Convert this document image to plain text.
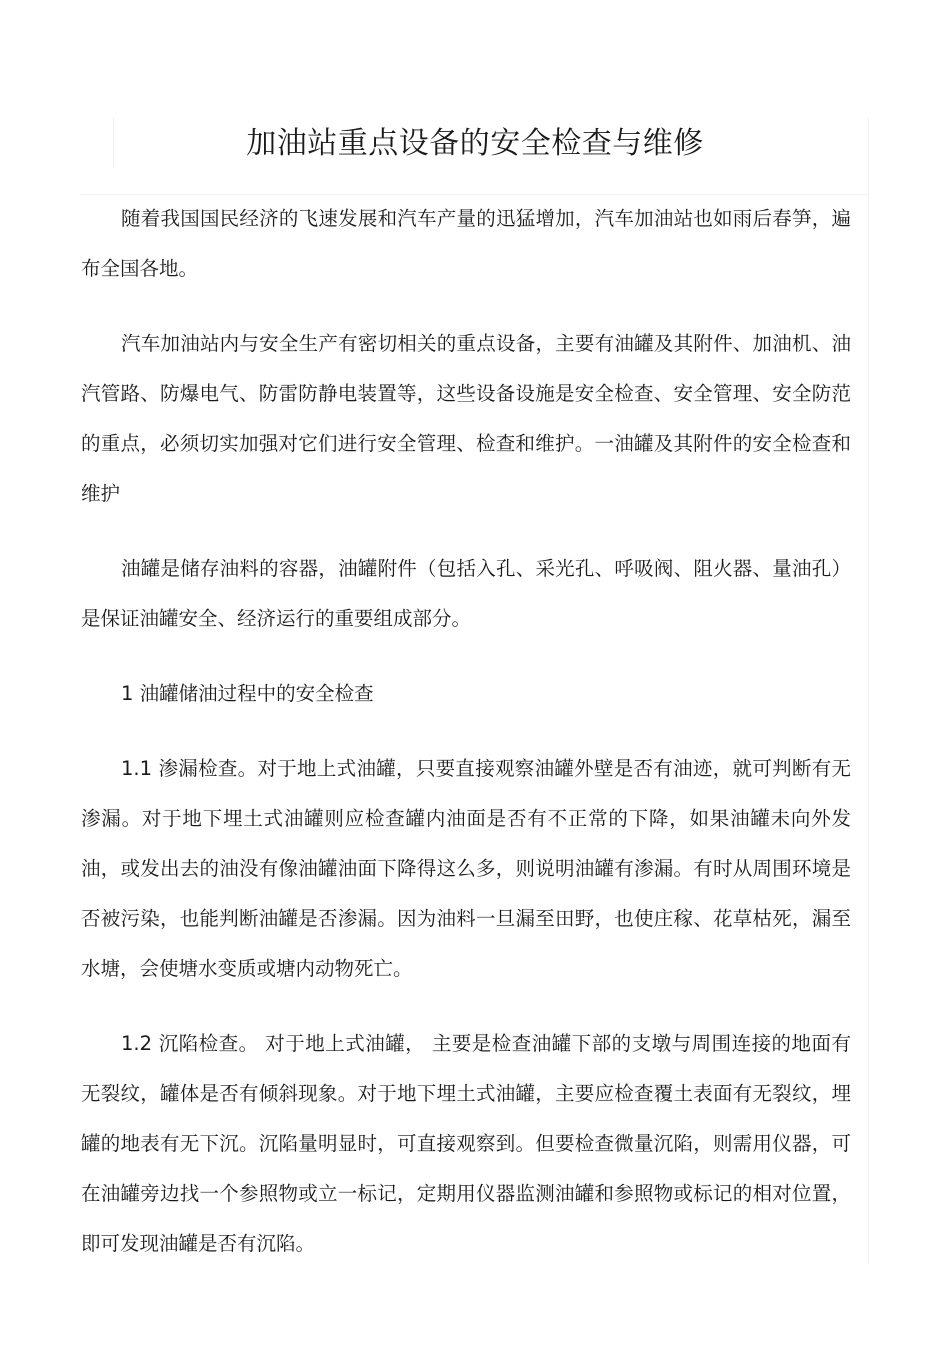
加油站重点设备的安全检查与维修

随着我国国民经济的飞速发展和汽车产量的迅猛增加，汽车加油站也如雨后春笋，遍布全国各地。

汽车加油站内与安全生产有密切相关的重点设备，主要有油罐及其附件、加油机、油汽管路、防爆电气、防雷防静电装置等，这些设备设施是安全检查、安全管理、安全防范的重点，必须切实加强对它们进行安全管理、检查和维护。一油罐及其附件的安全检查和维护

油罐是储存油料的容器，油罐附件（包括入孔、采光孔、呼吸阀、阻火器、量油孔）是保证油罐安全、经济运行的重要组成部分。

1 油罐储油过程中的安全检查

1.1 渗漏检查。对于地上式油罐，只要直接观察油罐外壁是否有油迹，就可判断有无渗漏。对于地下埋土式油罐则应检查罐内油面是否有不正常的下降，如果油罐未向外发油，或发出去的油没有像油罐油面下降得这么多，则说明油罐有渗漏。有时从周围环境是否被污染，也能判断油罐是否渗漏。因为油料一旦漏至田野，也使庄稼、花草枯死，漏至水塘，会使塘水变质或塘内动物死亡。

1.2 沉陷检查。 对于地上式油罐， 主要是检查油罐下部的支墩与周围连接的地面有无裂纹，罐体是否有倾斜现象。对于地下埋土式油罐，主要应检查覆土表面有无裂纹，埋罐的地表有无下沉。沉陷量明显时，可直接观察到。但要检查微量沉陷，则需用仪器，可在油罐旁边找一个参照物或立一标记，定期用仪器监测油罐和参照物或标记的相对位置，即可发现油罐是否有沉陷。
